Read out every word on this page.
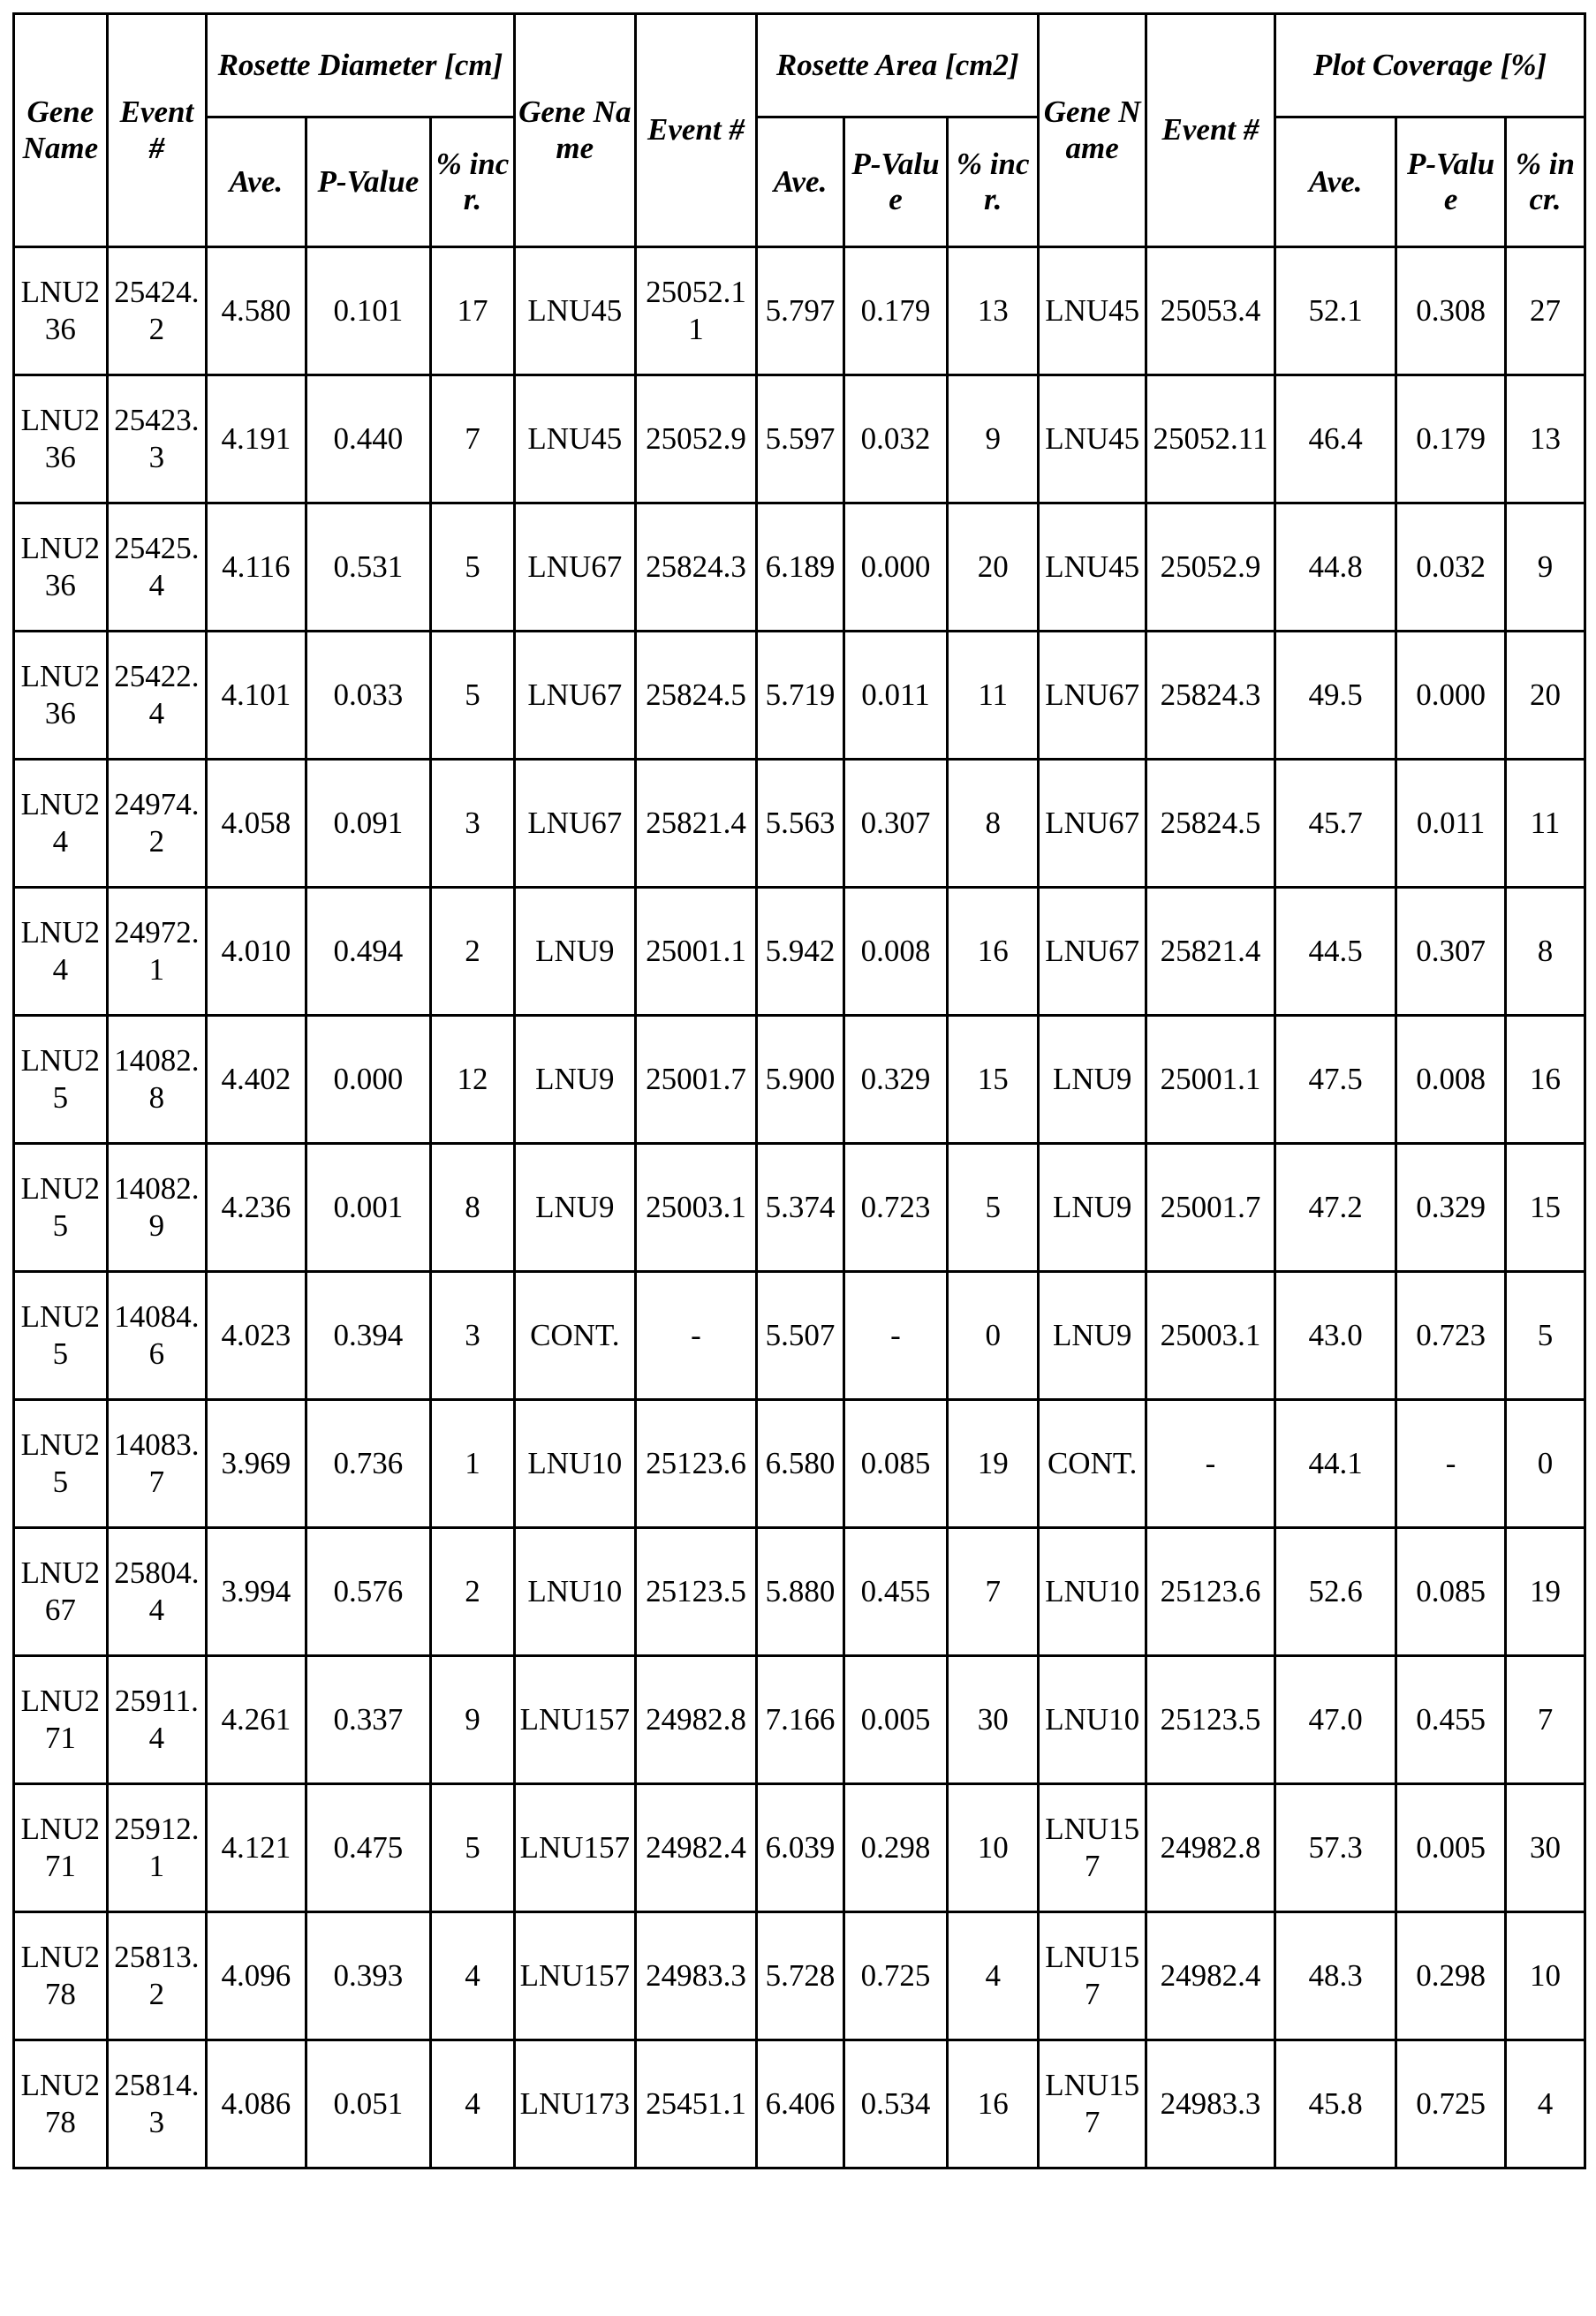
Gene Name	Event #	Rosette Diameter [cm]			Gene Name	Event #	Rosette Area [cm2]			Gene Name	Event #	Plot Coverage [%]		
		Ave.	P-Value	% incr.			Ave.	P-Value	% incr.			Ave.	P-Value	% incr.
LNU236	25424.2	4.580	0.101	17	LNU45	25052.11	5.797	0.179	13	LNU45	25053.4	52.1	0.308	27
LNU236	25423.3	4.191	0.440	7	LNU45	25052.9	5.597	0.032	9	LNU45	25052.11	46.4	0.179	13
LNU236	25425.4	4.116	0.531	5	LNU67	25824.3	6.189	0.000	20	LNU45	25052.9	44.8	0.032	9
LNU236	25422.4	4.101	0.033	5	LNU67	25824.5	5.719	0.011	11	LNU67	25824.3	49.5	0.000	20
LNU24	24974.2	4.058	0.091	3	LNU67	25821.4	5.563	0.307	8	LNU67	25824.5	45.7	0.011	11
LNU24	24972.1	4.010	0.494	2	LNU9	25001.1	5.942	0.008	16	LNU67	25821.4	44.5	0.307	8
LNU25	14082.8	4.402	0.000	12	LNU9	25001.7	5.900	0.329	15	LNU9	25001.1	47.5	0.008	16
LNU25	14082.9	4.236	0.001	8	LNU9	25003.1	5.374	0.723	5	LNU9	25001.7	47.2	0.329	15
LNU25	14084.6	4.023	0.394	3	CONT.	-	5.507	-	0	LNU9	25003.1	43.0	0.723	5
LNU25	14083.7	3.969	0.736	1	LNU10	25123.6	6.580	0.085	19	CONT.	-	44.1	-	0
LNU267	25804.4	3.994	0.576	2	LNU10	25123.5	5.880	0.455	7	LNU10	25123.6	52.6	0.085	19
LNU271	25911.4	4.261	0.337	9	LNU157	24982.8	7.166	0.005	30	LNU10	25123.5	47.0	0.455	7
LNU271	25912.1	4.121	0.475	5	LNU157	24982.4	6.039	0.298	10	LNU157	24982.8	57.3	0.005	30
LNU278	25813.2	4.096	0.393	4	LNU157	24983.3	5.728	0.725	4	LNU157	24982.4	48.3	0.298	10
LNU278	25814.3	4.086	0.051	4	LNU173	25451.1	6.406	0.534	16	LNU157	24983.3	45.8	0.725	4
